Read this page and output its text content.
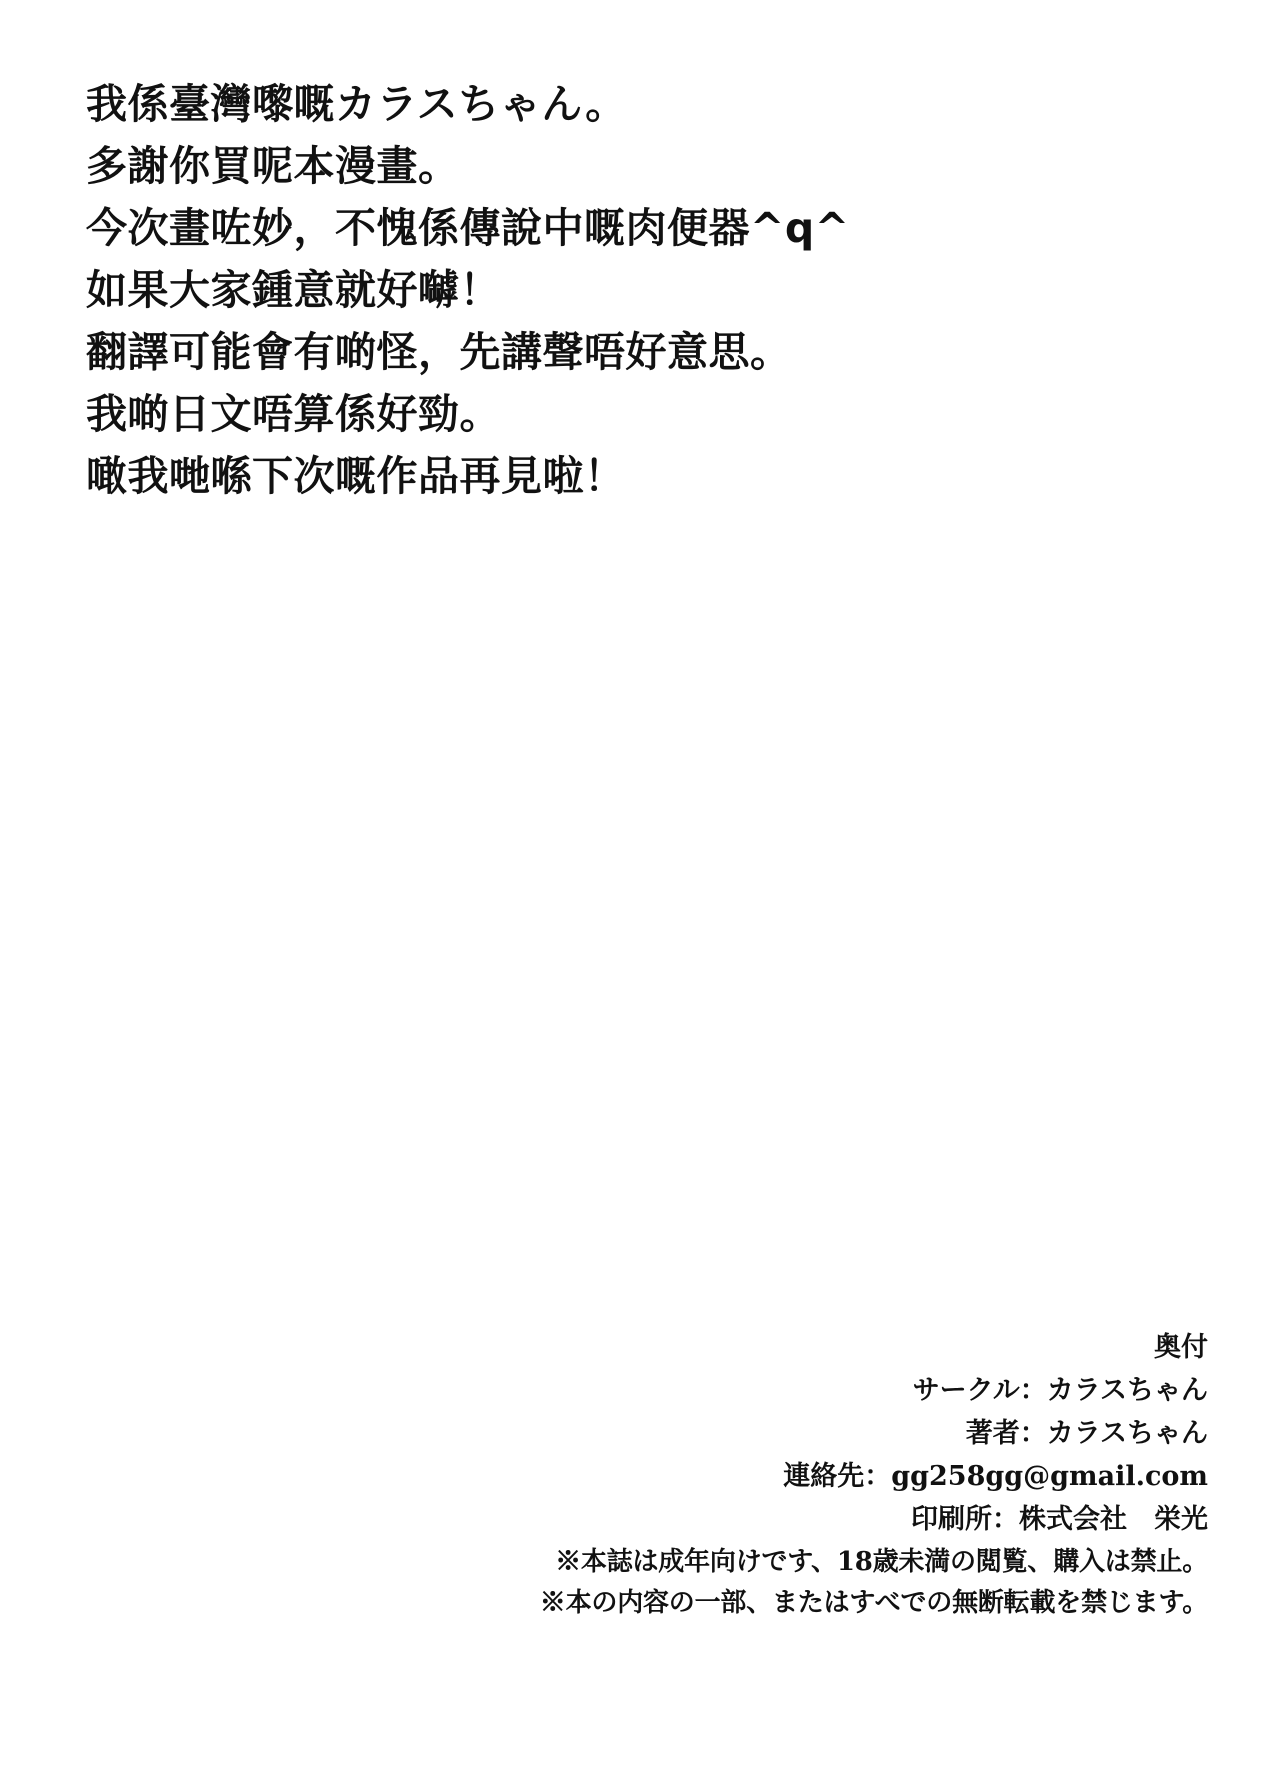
我係臺灣嚟嘅カラスちゃん。

多謝你買呢本漫畫。

今次畫咗妙，不愧係傳說中嘅肉便器^q^

如果大家鍾意就好嚹！

翻譯可能會有啲怪，先講聲唔好意思。

我啲日文唔算係好勁。

噉我哋喺下次嘅作品再見啦！

奥付

サークル：カラスちゃん

著者：カラスちゃん

連絡先：gg258gg@gmail.com

印刷所：株式会社　栄光

※本誌は成年向けです、18歳未満の閲覧、購入は禁止。

※本の内容の一部、またはすべでの無断転載を禁じます。
